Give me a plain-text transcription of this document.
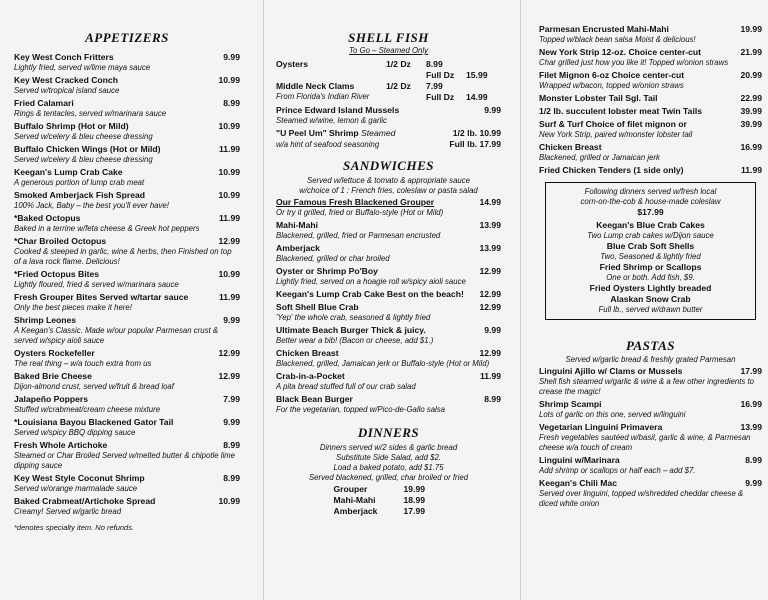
APPETIZERS
Key West Conch Fritters	9.99
Lightly fried, served w/lime maya sauce
Key West Cracked Conch	10.99
Served w/tropical island sauce
Fried Calamari	8.99
Rings & tentacles, served w/marinara sauce
Buffalo Shrimp (Hot or Mild)	10.99
Served w/celery & bleu cheese dressing
Buffalo Chicken Wings (Hot or Mild)	11.99
Served w/celery & bleu cheese dressing
Keegan's Lump Crab Cake	10.99
A generous portion of lump crab meat
Smoked Amberjack Fish Spread	10.99
100% Jack, Baby – the best you'll ever have!
*Baked Octopus	11.99
Baked in a terrine w/feta cheese & Greek hot peppers
*Char Broiled Octopus	12.99
Cooked & steeped in garlic, wine & herbs, then Finished on top of a lava rock flame. Delicious!
*Fried Octopus Bites	10.99
Lightly floured, fried & served w/marinara sauce
Fresh Grouper Bites Served w/tartar sauce	11.99
Only the best pieces make it here!
Shrimp Leones	9.99
A Keegan's Classic. Made w/our popular Parmesan crust & served w/spicy aioli sauce
Oysters Rockefeller	12.99
The real thing – w/a touch extra from us
Baked Brie Cheese	12.99
Dijon-almond crust, served w/fruit & bread loaf
Jalapeño Poppers	7.99
Stuffed w/crabmeat/cream cheese mixture
*Louisiana Bayou Blackened Gator Tail	9.99
Served w/spicy BBQ dipping sauce
Fresh Whole Artichoke	8.99
Steamed or Char Broiled Served w/melted butter & chipotle lime dipping sauce
Key West Style Coconut Shrimp	8.99
Served w/orange marmalade sauce
Baked Crabmeat/Artichoke Spread	10.99
Creamy! Served w/garlic bread
*denotes specialty item. No refunds.
SHELL FISH
To Go – Steamed Only
Oysters	1/2 Dz	8.99
Full Dz	15.99
Middle Neck Clams	1/2 Dz	7.99
From Florida's Indian River	Full Dz	14.99
Prince Edward Island Mussels	9.99
Steamed w/wine, lemon & garlic
"U Peel Um" Shrimp Steamed	1/2 lb. 10.99
w/a hint of seafood seasoning	Full lb. 17.99
SANDWICHES
Served w/lettuce & tomato & appropriate sauce
w/choice of 1 : French fries, coleslaw or pasta salad
Our Famous Fresh Blackened Grouper	14.99
Or try it grilled, fried or Buffalo-style (Hot or Mild)
Mahi-Mahi	13.99
Blackened, grilled, fried or Parmesan encrusted
Amberjack	13.99
Blackened, grilled or char broiled
Oyster or Shrimp Po'Boy	12.99
Lightly fried, served on a hoagie roll w/spicy aioli sauce
Keegan's Lump Crab Cake Best on the beach! 12.99
Soft Shell Blue Crab	12.99
'Yep' the whole crab, seasoned & lightly fried
Ultimate Beach Burger Thick & juicy.	9.99
Better wear a bib! (Bacon or cheese, add $1.)
Chicken Breast	12.99
Blackened, grilled, Jamaican jerk or Buffalo-style (Hot or Mild)
Crab-in-a-Pocket	11.99
A pita bread stuffed full of our crab salad
Black Bean Burger	8.99
For the vegetarian, topped w/Pico-de-Gallo salsa
DINNERS
Dinners served w/2 sides & garlic bread
Substitute Side Salad, add $2.
Load a baked potato, add $1.75
Served blackened, grilled, char broiled or fried
Grouper	19.99
Mahi-Mahi	18.99
Amberjack	17.99
Parmesan Encrusted Mahi-Mahi	19.99
Topped w/black bean salsa Moist & delicious!
New York Strip 12-oz. Choice center-cut	21.99
Char grilled just how you like it! Topped w/onion straws
Filet Mignon 6-oz Choice center-cut	20.99
Wrapped w/bacon, topped w/onion straws
Monster Lobster Tail Sgl. Tail	22.99
1/2 lb. succulent lobster meat Twin Tails	39.99
Surf & Turf Choice of filet mignon or	39.99
New York Strip, paired w/monster lobster tail
Chicken Breast	16.99
Blackened, grilled or Jamaican jerk
Fried Chicken Tenders (1 side only)	11.99
Following dinners served w/fresh local
corn-on-the-cob & house-made coleslaw
$17.99
Keegan's Blue Crab Cakes
Two Lump crab cakes w/Dijon sauce
Blue Crab Soft Shells
Two, Seasoned & lightly fried
Fried Shrimp or Scallops
One or both. Add fish, $9.
Fried Oysters Lightly breaded
Alaskan Snow Crab
Full lb., served w/drawn butter
PASTAS
Served w/garlic bread & freshly grated Parmesan
Linguini Ajillo w/ Clams or Mussels	17.99
Shell fish steamed w/garlic & wine & a few other ingredients to crease the magic!
Shrimp Scampi	16.99
Lots of garlic on this one, served w/linguini
Vegetarian Linguini Primavera	13.99
Fresh vegetables sautéed w/basil, garlic & wine, & Parmesan cheese w/a touch of cream
Linguini w/Marinara	8.99
Add shrimp or scallops or half each – add $7.
Keegan's Chili Mac	9.99
Served over linguini, topped w/shredded cheddar cheese & diced white onion
